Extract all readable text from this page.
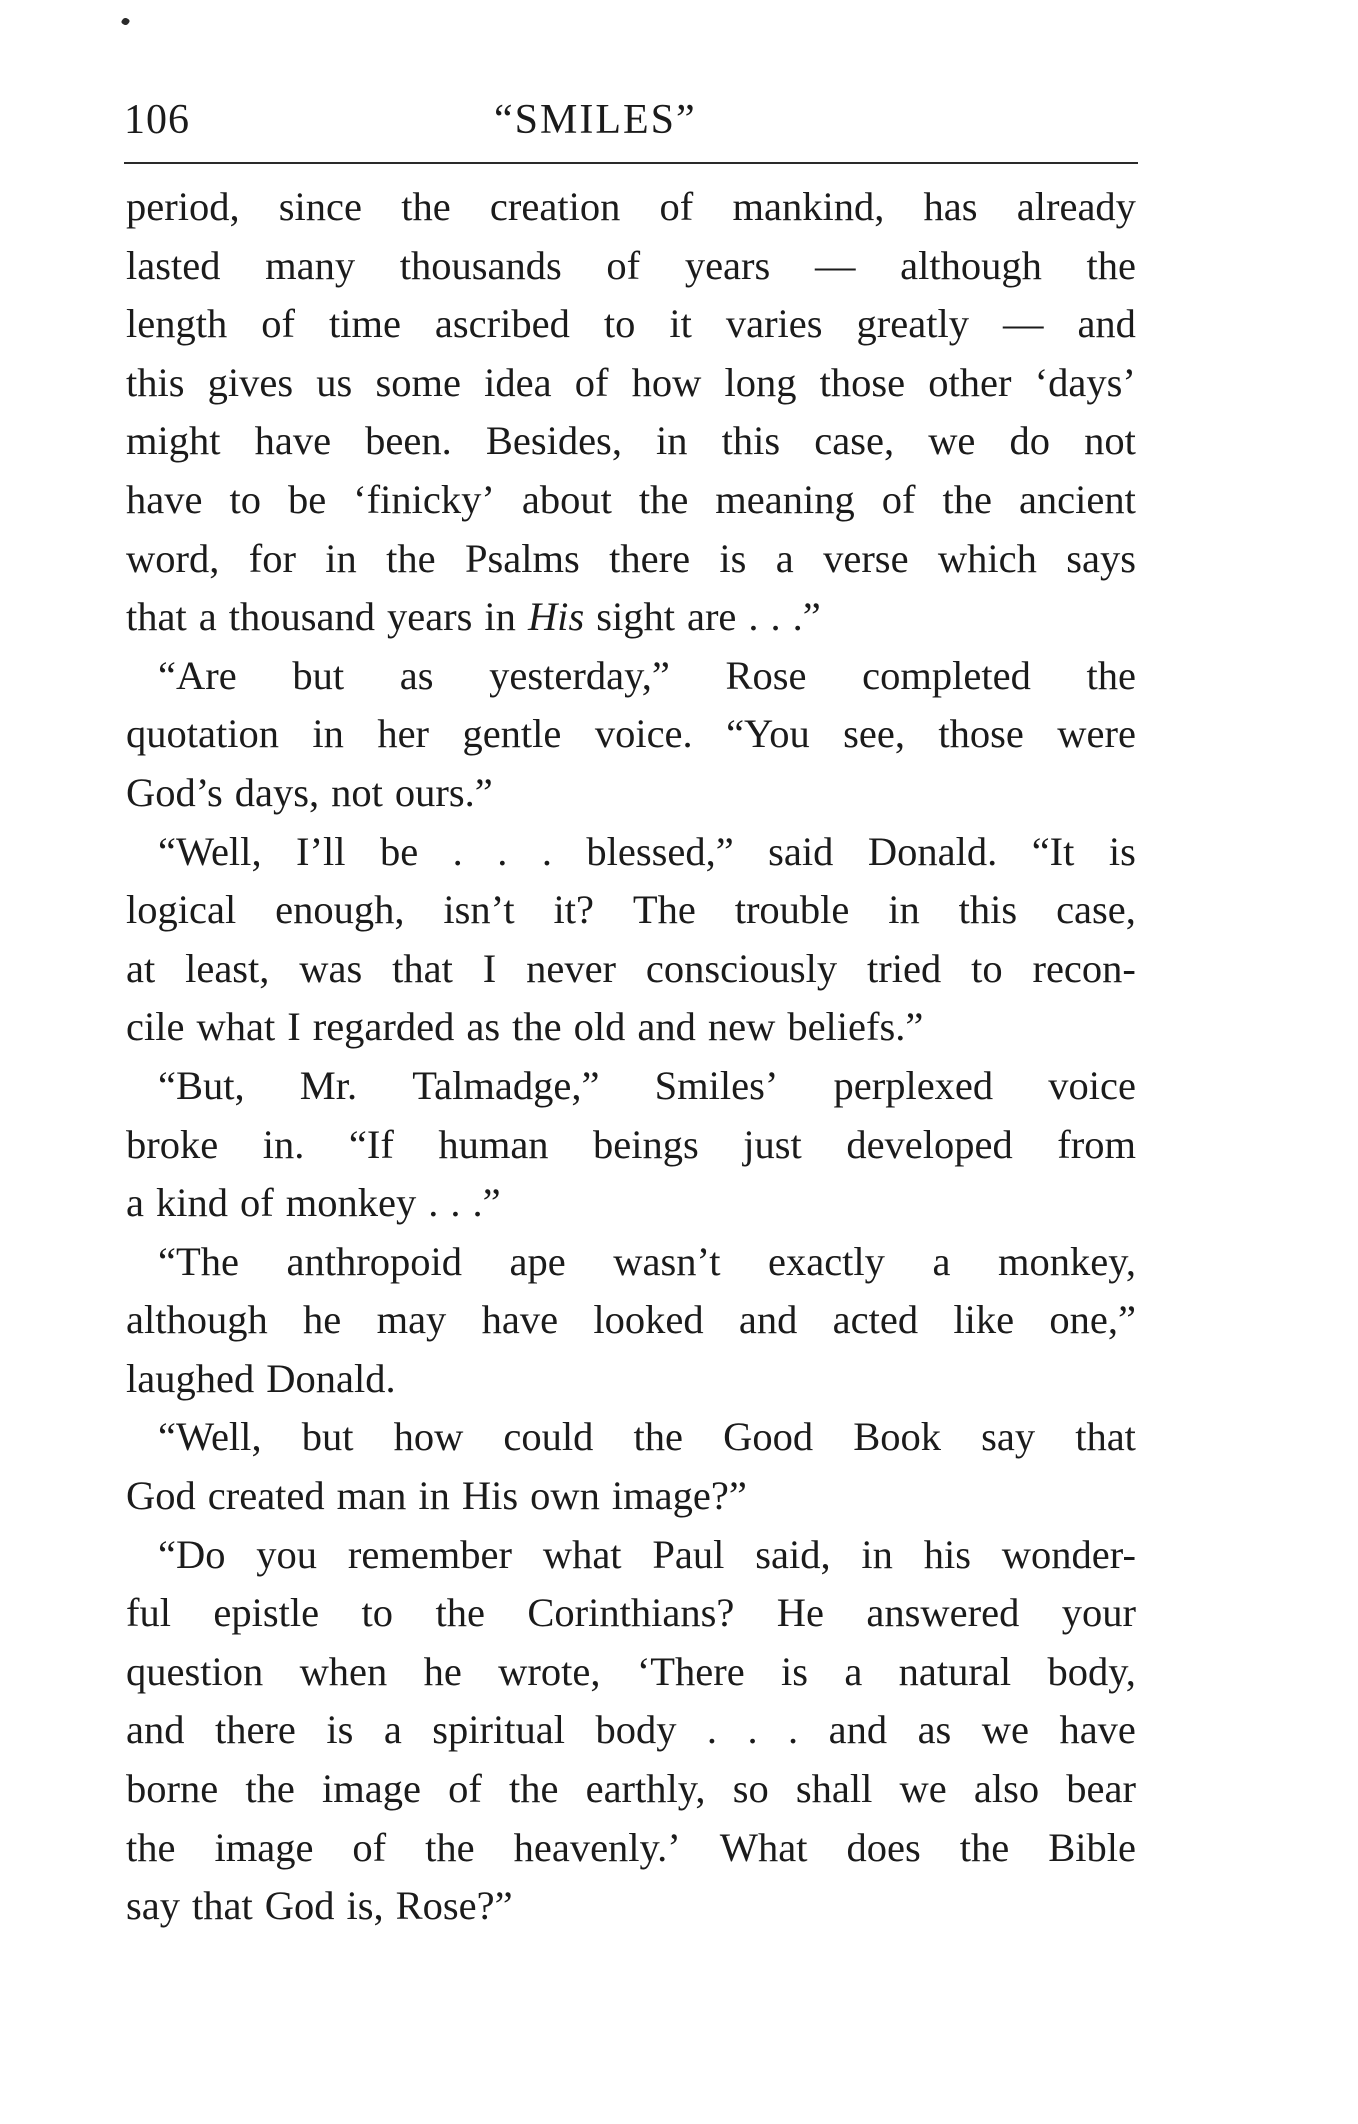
106	“SMILES”
period, since the creation of mankind, has already
lasted many thousands of years — although the
length of time ascribed to it varies greatly — and
this gives us some idea of how long those other ‘days’
might have been. Besides, in this case, we do not
have to be ‘finicky’ about the meaning of the ancient
word, for in the Psalms there is a verse which says
that a thousand years in His sight are . . .”
“Are but as yesterday,” Rose completed the
quotation in her gentle voice. “You see, those were
God’s days, not ours.”
“Well, I’ll be . . . blessed,” said Donald. “It is
logical enough, isn’t it? The trouble in this case,
at least, was that I never consciously tried to recon-
cile what I regarded as the old and new beliefs.”
“But, Mr. Talmadge,” Smiles’ perplexed voice
broke in. “If human beings just developed from
a kind of monkey . . .”
“The anthropoid ape wasn’t exactly a monkey,
although he may have looked and acted like one,”
laughed Donald.
“Well, but how could the Good Book say that
God created man in His own image?”
“Do you remember what Paul said, in his wonder-
ful epistle to the Corinthians? He answered your
question when he wrote, ‘There is a natural body,
and there is a spiritual body . . . and as we have
borne the image of the earthly, so shall we also bear
the image of the heavenly.’ What does the Bible
say that God is, Rose?”
